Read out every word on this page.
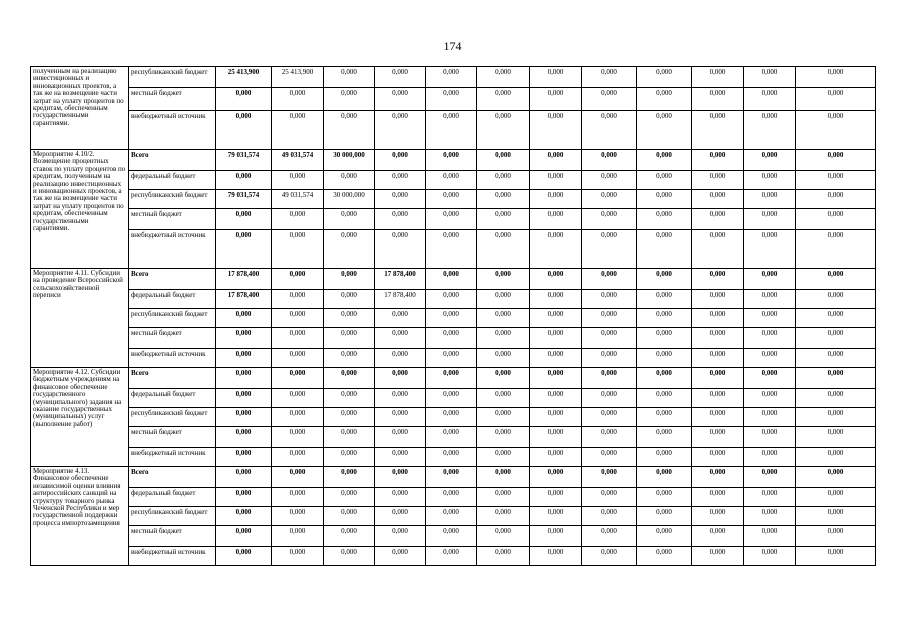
174
полученным на реализацию инвестиционных и инновационных проектов, а так же на возмещение части затрат на уплату процентов по кредитам, обеспеченным государственными гарантиями.	республиканский бюджет	25 413,900	25 413,900	0,000	0,000	0,000	0,000	0,000	0,000	0,000	0,000	0,000	0,000
	местный бюджет	0,000	0,000	0,000	0,000	0,000	0,000	0,000	0,000	0,000	0,000	0,000	0,000
	внебюджетный источник	0,000	0,000	0,000	0,000	0,000	0,000	0,000	0,000	0,000	0,000	0,000	0,000
Мероприятие 4.10/2. Возмещение процентных ставок по уплату процентов по кредитам, полученным на реализацию инвестиционных и инновационных проектов, а так же на возмещение части затрат на уплату процентов по кредитам, обеспеченным государственными гарантиями.	Всего	79 031,574	49 031,574	30 000,000	0,000	0,000	0,000	0,000	0,000	0,000	0,000	0,000	0,000
	федеральный бюджет	0,000	0,000	0,000	0,000	0,000	0,000	0,000	0,000	0,000	0,000	0,000	0,000
	республиканский бюджет	79 031,574	49 031,574	30 000,000	0,000	0,000	0,000	0,000	0,000	0,000	0,000	0,000	0,000
	местный бюджет	0,000	0,000	0,000	0,000	0,000	0,000	0,000	0,000	0,000	0,000	0,000	0,000
	внебюджетный источник	0,000	0,000	0,000	0,000	0,000	0,000	0,000	0,000	0,000	0,000	0,000	0,000
Мероприятие 4.11. Субсидии на проведение Всероссийской сельскохозяйственной переписи	Всего	17 878,400	0,000	0,000	17 878,400	0,000	0,000	0,000	0,000	0,000	0,000	0,000	0,000
	федеральный бюджет	17 878,400	0,000	0,000	17 878,400	0,000	0,000	0,000	0,000	0,000	0,000	0,000	0,000
	республиканский бюджет	0,000	0,000	0,000	0,000	0,000	0,000	0,000	0,000	0,000	0,000	0,000	0,000
	местный бюджет	0,000	0,000	0,000	0,000	0,000	0,000	0,000	0,000	0,000	0,000	0,000	0,000
	внебюджетный источник	0,000	0,000	0,000	0,000	0,000	0,000	0,000	0,000	0,000	0,000	0,000	0,000
Мероприятие 4.12. Субсидии бюджетным учреждениям на финансовое обеспечение государственного (муниципального) задания на оказание государственных (муниципальных) услуг (выполнение работ)	Всего	0,000	0,000	0,000	0,000	0,000	0,000	0,000	0,000	0,000	0,000	0,000	0,000
	федеральный бюджет	0,000	0,000	0,000	0,000	0,000	0,000	0,000	0,000	0,000	0,000	0,000	0,000
	республиканский бюджет	0,000	0,000	0,000	0,000	0,000	0,000	0,000	0,000	0,000	0,000	0,000	0,000
	местный бюджет	0,000	0,000	0,000	0,000	0,000	0,000	0,000	0,000	0,000	0,000	0,000	0,000
	внебюджетный источник	0,000	0,000	0,000	0,000	0,000	0,000	0,000	0,000	0,000	0,000	0,000	0,000
Мероприятие 4.13. Финансовое обеспечение независимой оценки влияния антироссийских санкций на структуру товарного рынка Чеченской Республики и мер государственной поддержки процесса импортозамещения	Всего	0,000	0,000	0,000	0,000	0,000	0,000	0,000	0,000	0,000	0,000	0,000	0,000
	федеральный бюджет	0,000	0,000	0,000	0,000	0,000	0,000	0,000	0,000	0,000	0,000	0,000	0,000
	республиканский бюджет	0,000	0,000	0,000	0,000	0,000	0,000	0,000	0,000	0,000	0,000	0,000	0,000
	местный бюджет	0,000	0,000	0,000	0,000	0,000	0,000	0,000	0,000	0,000	0,000	0,000	0,000
	внебюджетный источник	0,000	0,000	0,000	0,000	0,000	0,000	0,000	0,000	0,000	0,000	0,000	0,000
